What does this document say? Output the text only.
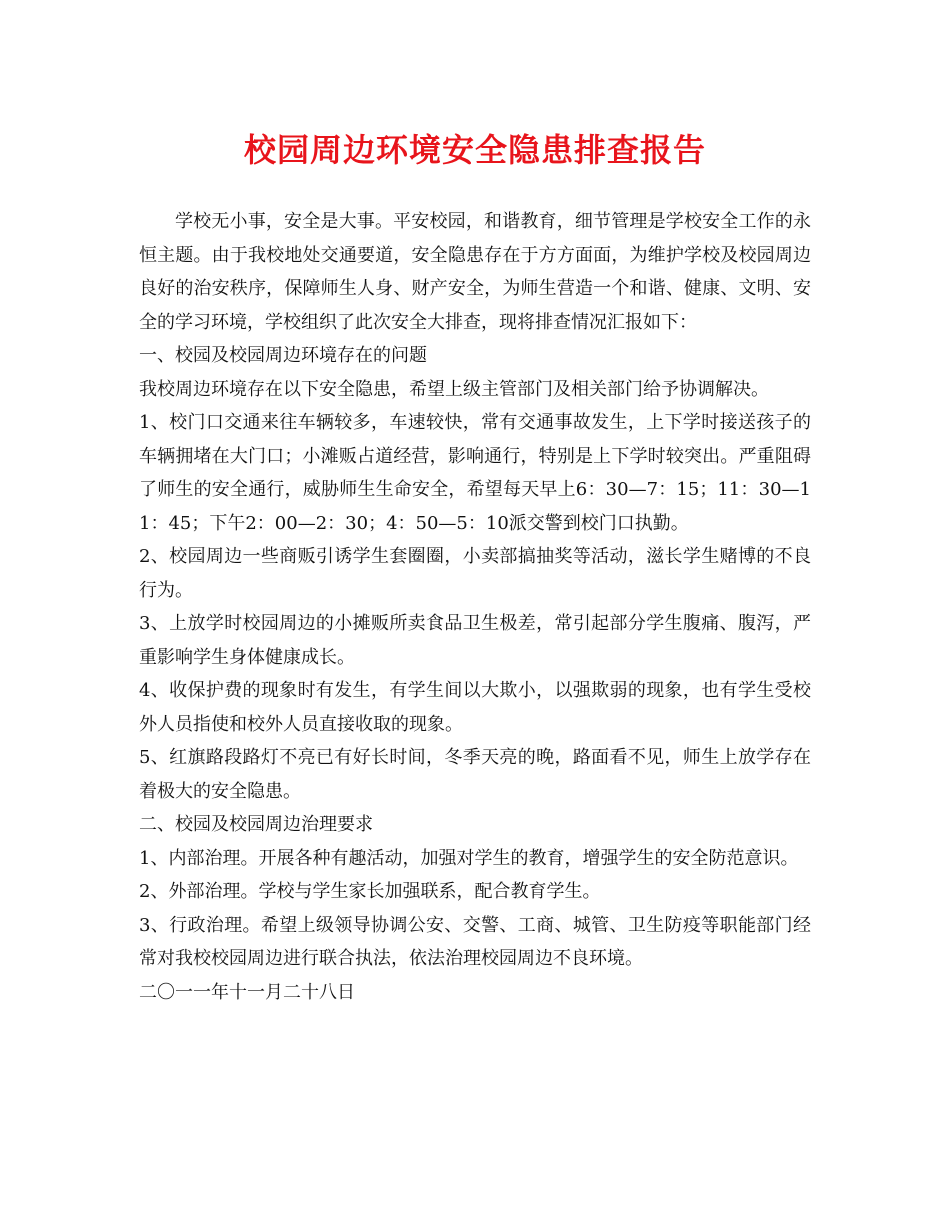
校园周边环境安全隐患排查报告

学校无小事，安全是大事。平安校园，和谐教育，细节管理是学校安全工作的永恒主题。由于我校地处交通要道，安全隐患存在于方方面面，为维护学校及校园周边良好的治安秩序，保障师生人身、财产安全，为师生营造一个和谐、健康、文明、安全的学习环境，学校组织了此次安全大排查，现将排查情况汇报如下：

一、校园及校园周边环境存在的问题

我校周边环境存在以下安全隐患，希望上级主管部门及相关部门给予协调解决。

1、校门口交通来往车辆较多，车速较快，常有交通事故发生，上下学时接送孩子的车辆拥堵在大门口；小滩贩占道经营，影响通行，特别是上下学时较突出。严重阻碍了师生的安全通行，威胁师生生命安全，希望每天早上6：30—7：15；11：30—11：45；下午2：00—2：30；4：50—5：10派交警到校门口执勤。

2、校园周边一些商贩引诱学生套圈圈，小卖部搞抽奖等活动，滋长学生赌博的不良行为。

3、上放学时校园周边的小摊贩所卖食品卫生极差，常引起部分学生腹痛、腹泻，严重影响学生身体健康成长。

4、收保护费的现象时有发生，有学生间以大欺小，以强欺弱的现象，也有学生受校外人员指使和校外人员直接收取的现象。

5、红旗路段路灯不亮已有好长时间，冬季天亮的晚，路面看不见，师生上放学存在着极大的安全隐患。

二、校园及校园周边治理要求

1、内部治理。开展各种有趣活动，加强对学生的教育，增强学生的安全防范意识。

2、外部治理。学校与学生家长加强联系，配合教育学生。

3、行政治理。希望上级领导协调公安、交警、工商、城管、卫生防疫等职能部门经常对我校校园周边进行联合执法，依法治理校园周边不良环境。

二〇一一年十一月二十八日
